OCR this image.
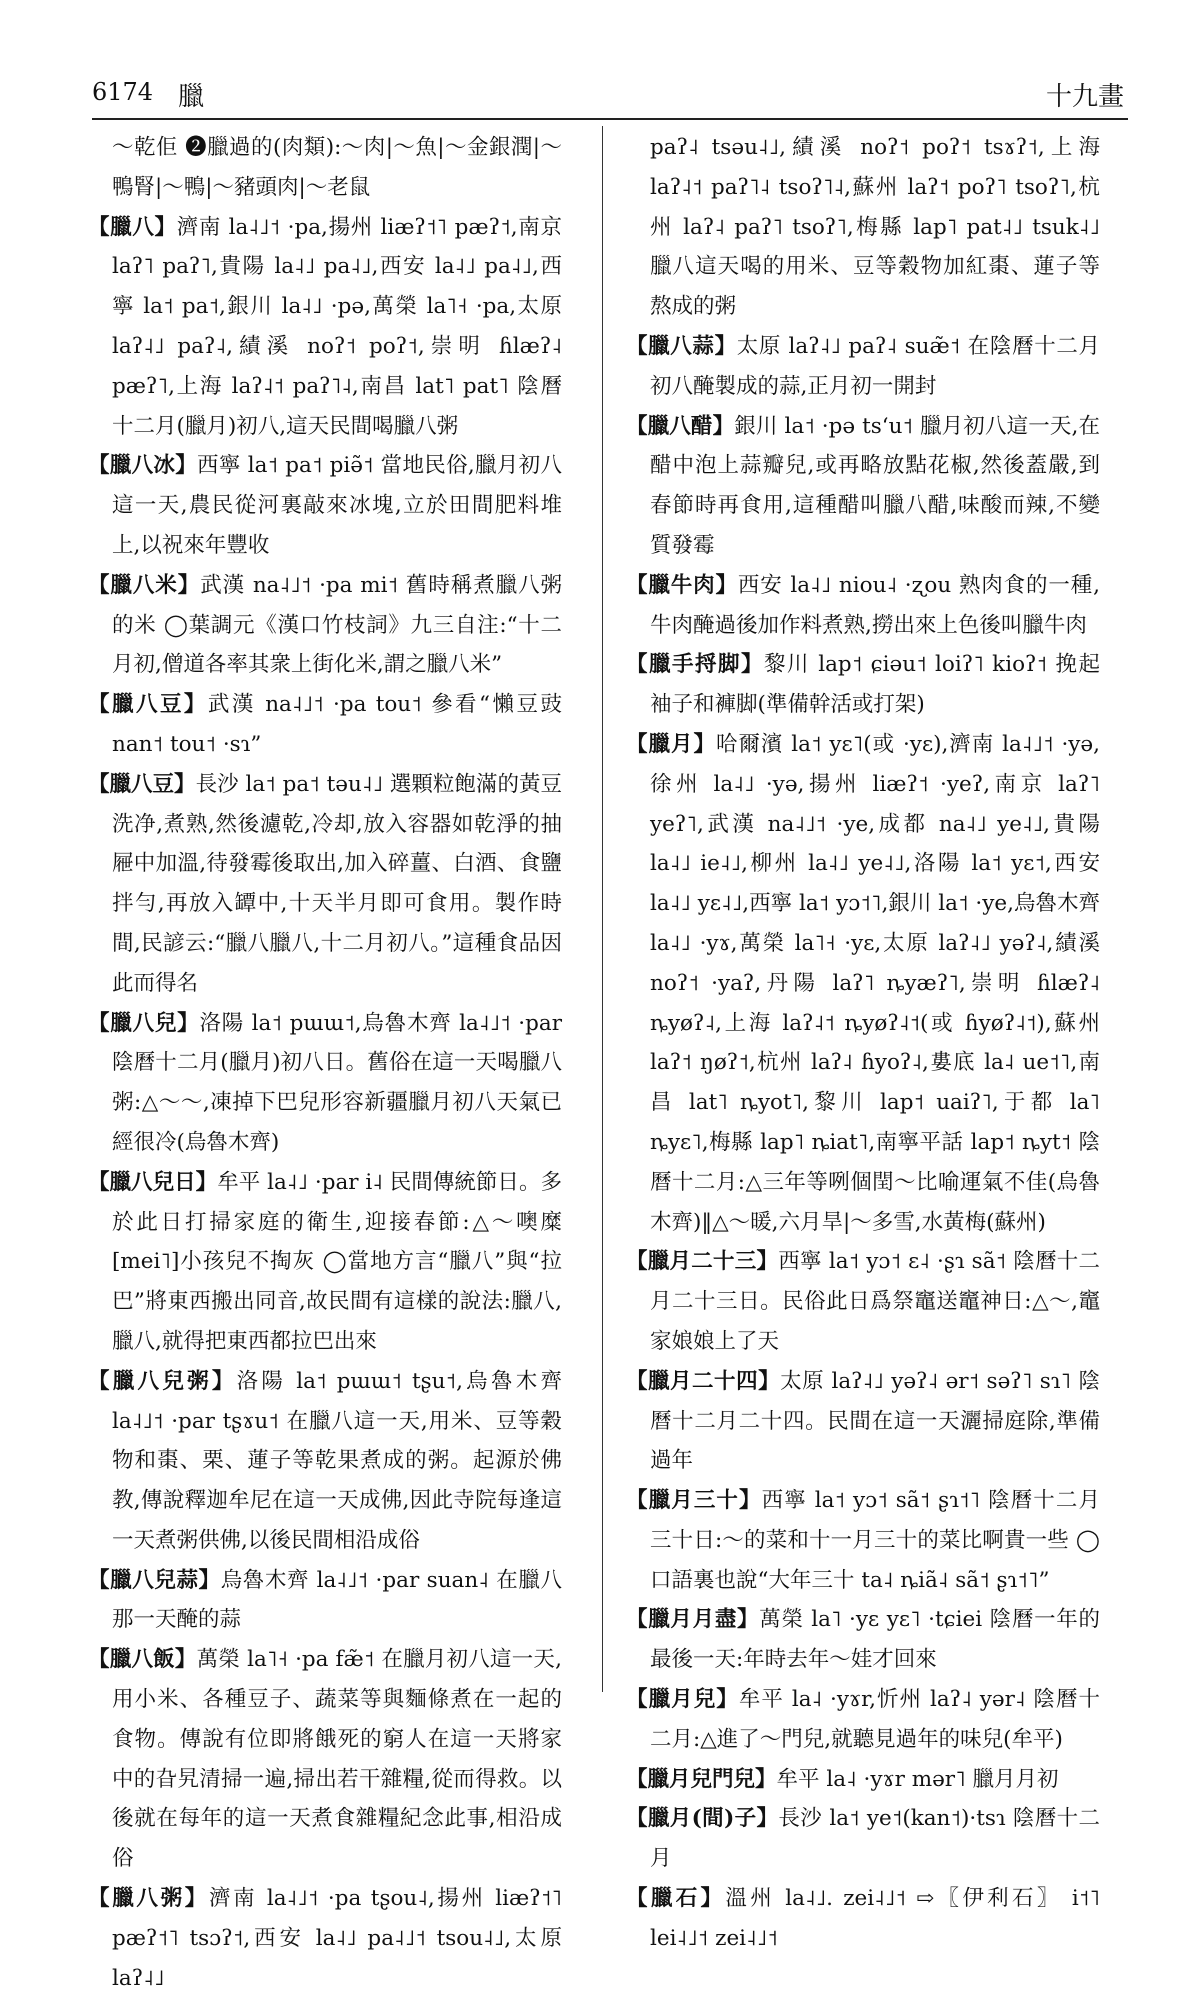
6174 臘	十九畫

～乾佢 ❷臘過的(肉類):～肉|～魚|～金銀潤|～鴨腎|～鴨|～豬頭肉|～老鼠

【臘八】濟南 la˨˩˦ ·pa,揚州 liæʔ˦˥ pæʔ˦,南京 laʔ˥ paʔ˥,貴陽 la˨˩ pa˨˩,西安 la˨˩ pa˨˩,西寧 la˦ pa˦,銀川 la˨˩ ·pə,萬榮 la˥˧ ·pa,太原 laʔ˨˩ paʔ˨,績溪 noʔ˦ poʔ˦,崇明 ɦlæʔ˨ pæʔ˥,上海 laʔ˨˦ paʔ˥˨,南昌 lat˥ pat˥ 陰曆十二月(臘月)初八,這天民間喝臘八粥

【臘八冰】西寧 la˦ pa˦ piə̃˦ 當地民俗,臘月初八這一天,農民從河裏敲來冰塊,立於田間肥料堆上,以祝來年豐收

【臘八米】武漢 na˨˩˦ ·pa mi˦ 舊時稱煮臘八粥的米 ◯葉調元《漢口竹枝詞》九三自注:“十二月初,僧道各率其衆上街化米,謂之臘八米”

【臘八豆】武漢 na˨˩˦ ·pa tou˦ 參看“懶豆豉 nan˦ tou˦ ·sɿ”

【臘八豆】長沙 la˦ pa˦ təu˨˩ 選顆粒飽滿的黃豆洗净,煮熟,然後濾乾,冷却,放入容器如乾淨的抽屜中加溫,待發霉後取出,加入碎薑、白酒、食鹽拌勻,再放入罈中,十天半月即可食用。製作時間,民諺云:“臘八臘八,十二月初八。”這種食品因此而得名

【臘八兒】洛陽 la˦ pɯɯ˦,烏魯木齊 la˨˩˦ ·par 陰曆十二月(臘月)初八日。舊俗在這一天喝臘八粥:△～～,凍掉下巴兒形容新疆臘月初八天氣已經很冷(烏魯木齊)

【臘八兒日】牟平 la˨˩ ·par i˨ 民間傳統節日。多於此日打掃家庭的衛生,迎接春節:△～噢糜[mei˥]小孩兒不掏灰 ◯當地方言“臘八”與“拉巴”將東西搬出同音,故民間有這樣的說法:臘八,臘八,就得把東西都拉巴出來

【臘八兒粥】洛陽 la˦ pɯɯ˦ tʂu˦,烏魯木齊 la˨˩˦ ·par tʂɤu˦ 在臘八這一天,用米、豆等穀物和棗、栗、蓮子等乾果煮成的粥。起源於佛教,傳說釋迦牟尼在這一天成佛,因此寺院每逢這一天煮粥供佛,以後民間相沿成俗

【臘八兒蒜】烏魯木齊 la˨˩˦ ·par suan˨ 在臘八那一天醃的蒜

【臘八飯】萬榮 la˥˧ ·pa fæ̃˦ 在臘月初八這一天,用小米、各種豆子、蔬菜等與麵條煮在一起的食物。傳說有位即將餓死的窮人在這一天將家中的旮旯清掃一遍,掃出若干雜糧,從而得救。以後就在每年的這一天煮食雜糧紀念此事,相沿成俗

【臘八粥】濟南 la˨˩˦ ·pa tʂou˨,揚州 liæʔ˦˥ pæʔ˦˥ tsɔʔ˦,西安 la˨˩ pa˨˩˦ tsou˨˩,太原 laʔ˨˩

paʔ˨ tsəu˨˩,績溪 noʔ˦ poʔ˦ tsɤʔ˦,上海 laʔ˨˦ paʔ˥˨ tsoʔ˥˨,蘇州 laʔ˦ poʔ˥ tsoʔ˥,杭州 laʔ˨ paʔ˥ tsoʔ˥,梅縣 lap˥ pat˨˩ tsuk˨˩ 臘八這天喝的用米、豆等穀物加紅棗、蓮子等熬成的粥

【臘八蒜】太原 laʔ˨˩ paʔ˨ suæ̃˦ 在陰曆十二月初八醃製成的蒜,正月初一開封

【臘八醋】銀川 la˦ ·pə tsʻu˦ 臘月初八這一天,在醋中泡上蒜瓣兒,或再略放點花椒,然後蓋嚴,到春節時再食用,這種醋叫臘八醋,味酸而辣,不變質發霉

【臘牛肉】西安 la˨˩ niou˨ ·ʐou 熟肉食的一種,牛肉醃過後加作料煮熟,撈出來上色後叫臘牛肉

【臘手捋脚】黎川 lap˦ ɕiəu˦ loiʔ˥ kioʔ˦ 挽起袖子和褲脚(準備幹活或打架)

【臘月】哈爾濱 la˦ yɛ˥(或 ·yɛ),濟南 la˨˩˦ ·yə,徐州 la˨˩ ·yə,揚州 liæʔ˦ ·yeʔ,南京 laʔ˥ yeʔ˥,武漢 na˨˩˦ ·ye,成都 na˨˩ ye˨˩,貴陽 la˨˩ ie˨˩,柳州 la˨˩ ye˨˩,洛陽 la˦ yɛ˦,西安 la˨˩ yɛ˨˩,西寧 la˦ yɔ˦˥,銀川 la˦ ·ye,烏魯木齊 la˨˩ ·yɤ,萬榮 la˥˧ ·yɛ,太原 laʔ˨˩ yəʔ˨,績溪 noʔ˦ ·yaʔ,丹陽 laʔ˥ ȵyæʔ˥,崇明 ɦlæʔ˨ ȵyøʔ˨,上海 laʔ˨˦ ȵyøʔ˨˦(或 ɦyøʔ˨˦),蘇州 laʔ˦ ŋøʔ˦,杭州 laʔ˨ ɦyoʔ˨,婁底 la˨ ue˦˥,南昌 lat˥ ȵyot˥,黎川 lap˦ uaiʔ˥,于都 la˥ ȵyɛ˥,梅縣 lap˥ ȵiat˥,南寧平話 lap˦ ȵyt˦ 陰曆十二月:△三年等咧個閏～比喻運氣不佳(烏魯木齊)‖△～暖,六月旱|～多雪,水黃梅(蘇州)

【臘月二十三】西寧 la˦ yɔ˦ ɛ˨ ·ʂɿ sã˦ 陰曆十二月二十三日。民俗此日爲祭竈送竈神日:△～,竈家娘娘上了天

【臘月二十四】太原 laʔ˨˩ yəʔ˨ ər˦ səʔ˥ sɿ˥ 陰曆十二月二十四。民間在這一天灑掃庭除,準備過年

【臘月三十】西寧 la˦ yɔ˦ sã˦ ʂɿ˦˥ 陰曆十二月三十日:～的菜和十一月三十的菜比啊貴一些 ◯口語裏也說“大年三十 ta˨ ȵiã˨ sã˦ ʂɿ˦˥”

【臘月月盡】萬榮 la˥ ·yɛ yɛ˥ ·tɕiei 陰曆一年的最後一天:年時去年～娃才回來

【臘月兒】牟平 la˨ ·yɤr,忻州 laʔ˨ yər˨ 陰曆十二月:△進了～門兒,就聽見過年的味兒(牟平)

【臘月兒門兒】牟平 la˨ ·yɤr mər˥ 臘月月初

【臘月(間)子】長沙 la˦ ye˦(kan˦)·tsɿ 陰曆十二月

【臘石】溫州 la˨˩. zei˨˩˦ ⇨〖伊利石〗 i˦˥ lei˨˩˦ zei˨˩˦
